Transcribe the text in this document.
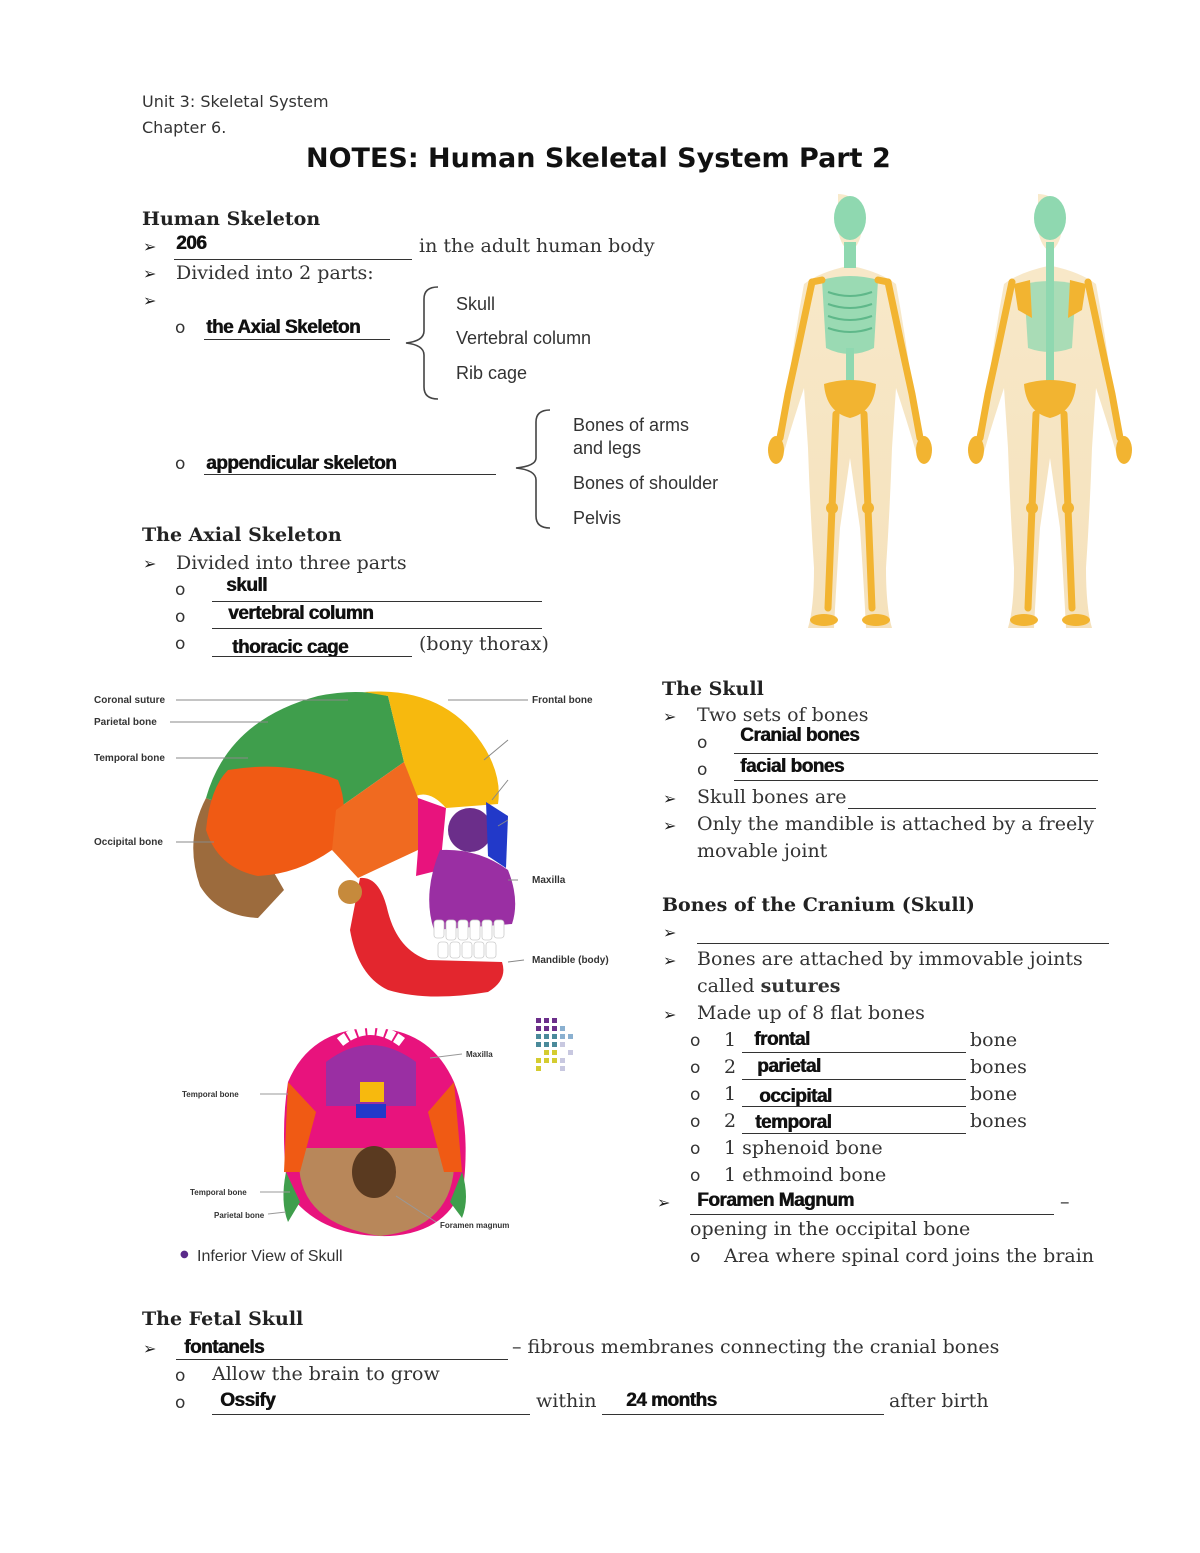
Unit 3: Skeletal System
Chapter 6.
NOTES: Human Skeletal System Part 2
Human Skeleton
➢ 206	in the adult human body
➢ Divided into 2 parts:
➢
o the Axial Skeleton
Skull
Vertebral column
Rib cage
o appendicular skeleton
Bones of arms
and legs
Bones of shoulder
Pelvis
The Axial Skeleton
➢ Divided into three parts
o skull
o vertebral column
o thoracic cage	(bony thorax)
Coronal suture
Parietal bone
Temporal bone
Occipital bone
Frontal bone
Maxilla
Mandible (body)
Maxilla
Temporal bone
Temporal bone
Parietal bone
Foramen magnum
● Inferior View of Skull
The Skull
➢ Two sets of bones
o Cranial bones
o facial bones
➢ Skull bones are
➢ Only the mandible is attached by a freely
movable joint
Bones of the Cranium (Skull)
➢
➢ Bones are attached by immovable joints
called sutures
➢ Made up of 8 flat bones
o 1 frontal	bone
o 2 parietal	bones
o 1 occipital	bone
o 2 temporal	bones
o 1 sphenoid bone
o 1 ethmoind bone
➢ Foramen Magnum	–
opening in the occipital bone
o Area where spinal cord joins the brain
The Fetal Skull
➢ fontanels	– fibrous membranes connecting the cranial bones
o Allow the brain to grow
o Ossify	within 24 months	after birth
